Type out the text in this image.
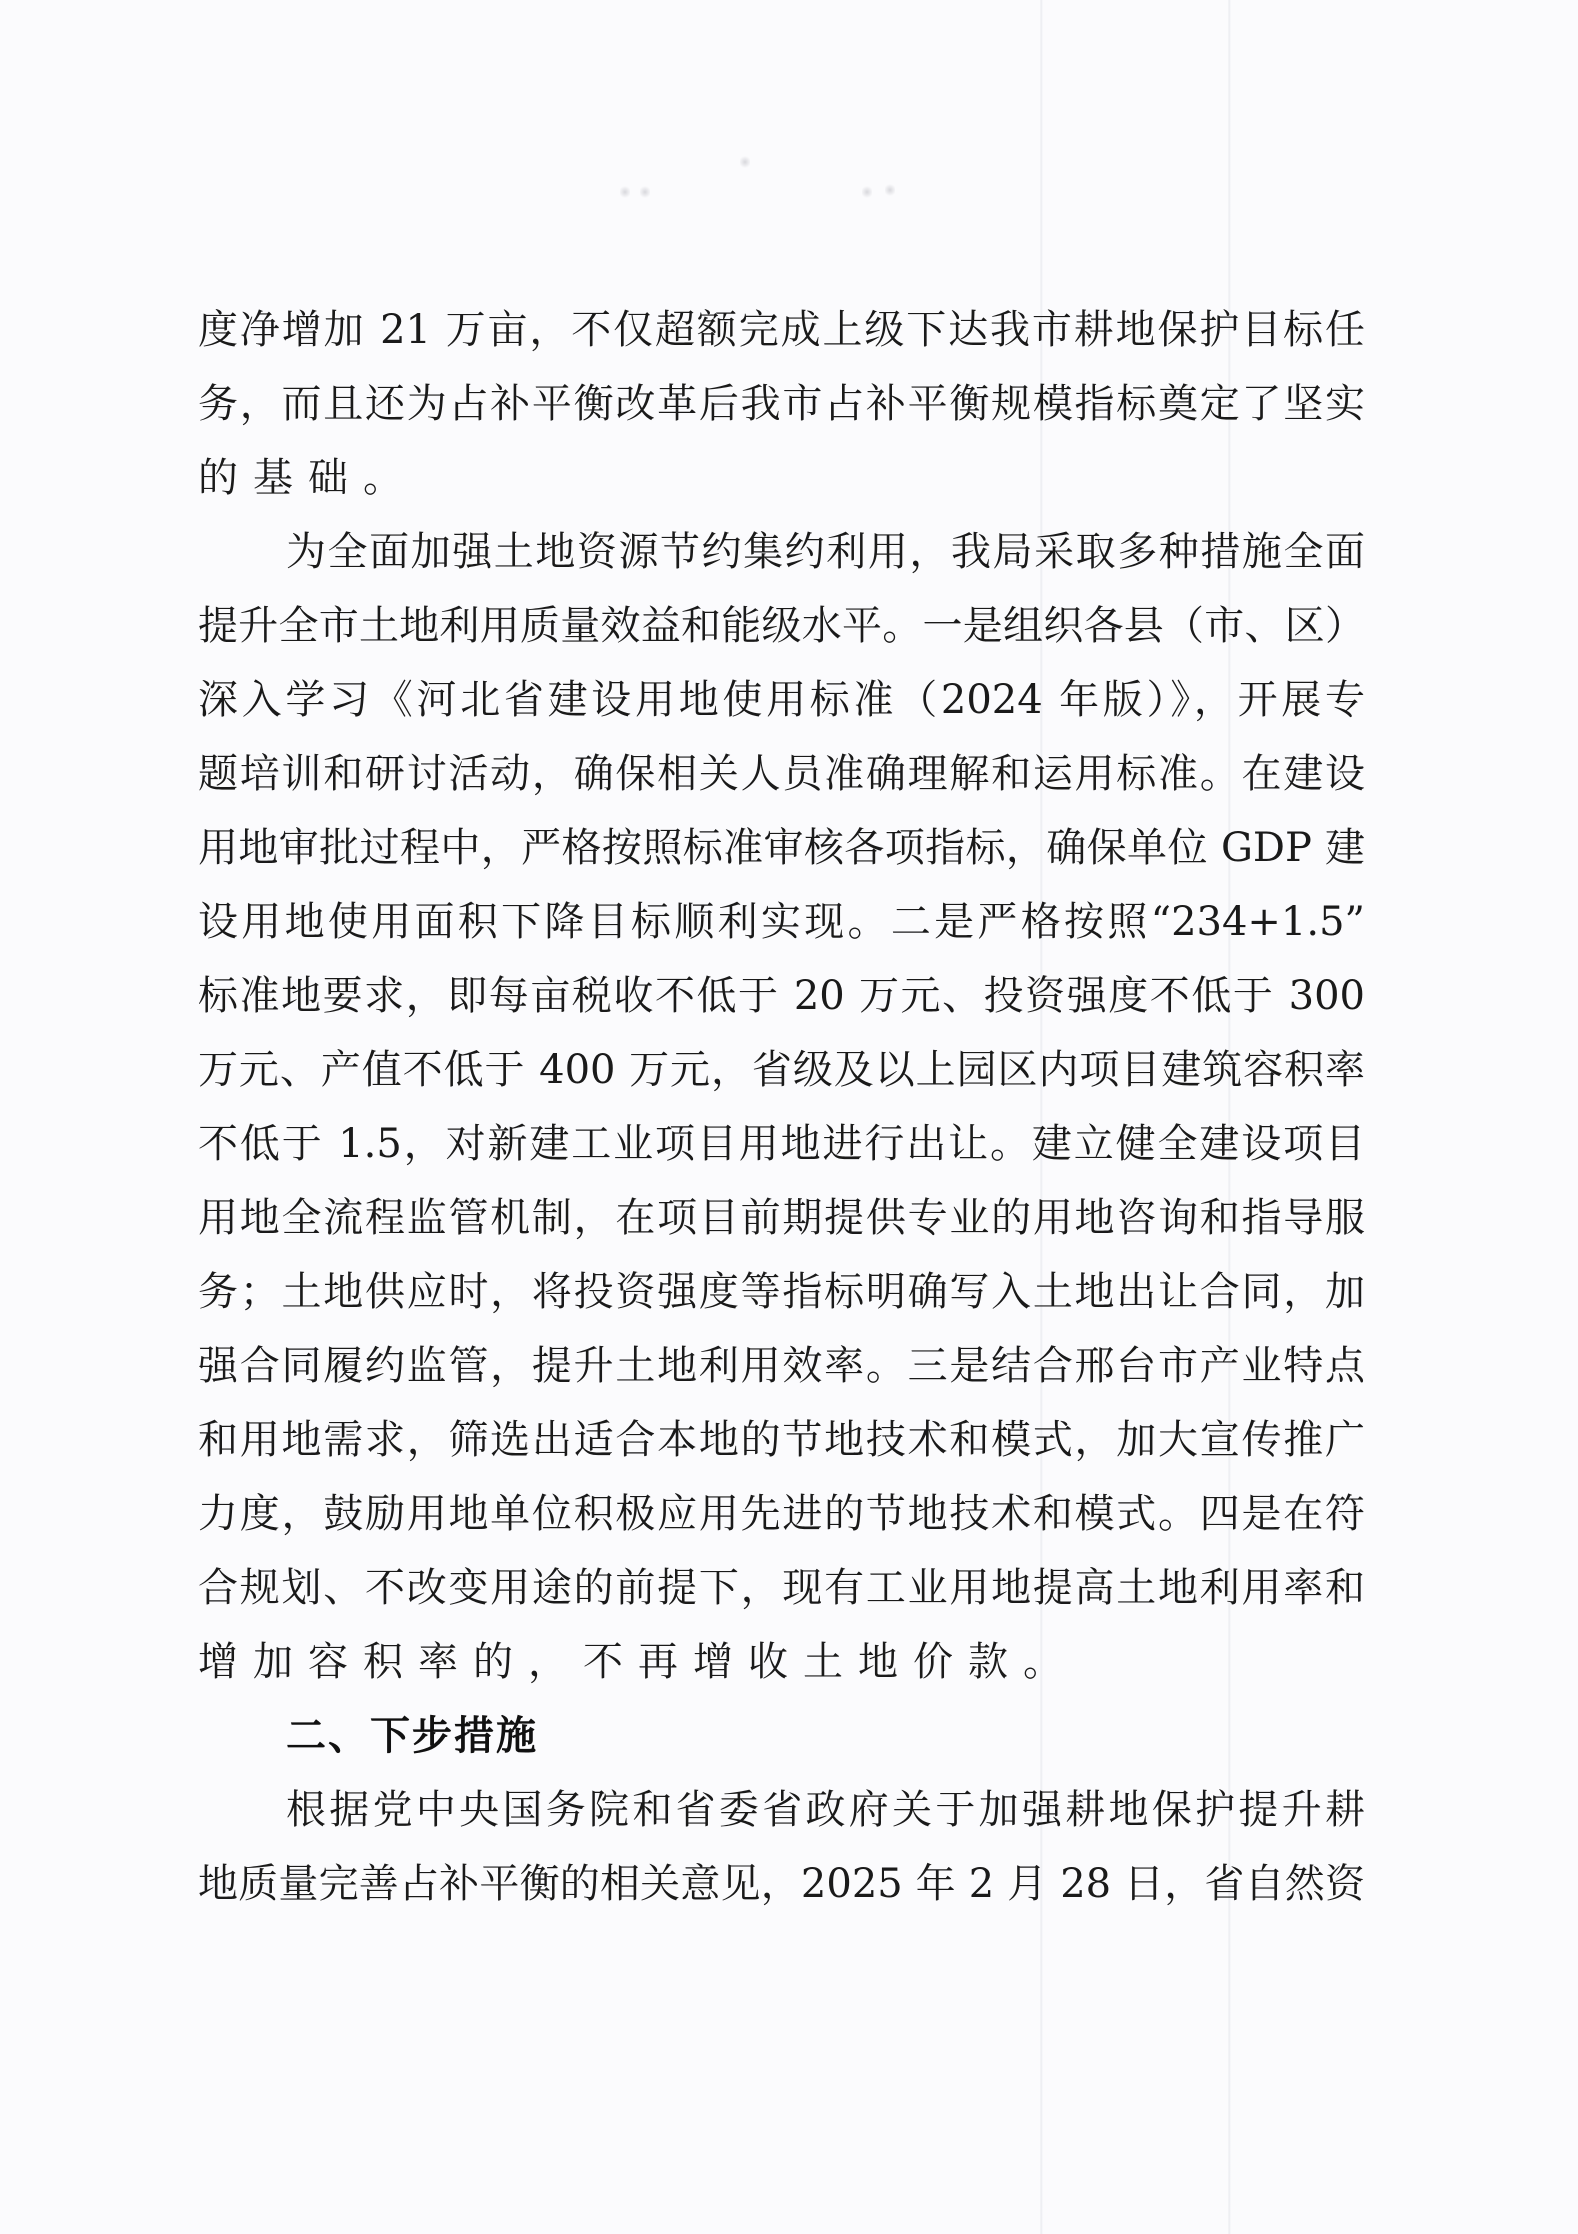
度净增加 21 万亩，不仅超额完成上级下达我市耕地保护目标任
务，而且还为占补平衡改革后我市占补平衡规模指标奠定了坚实
的基础。
为全面加强土地资源节约集约利用，我局采取多种措施全面
提升全市土地利用质量效益和能级水平。一是组织各县（市、区）
深入学习《河北省建设用地使用标准（2024 年版）》，开展专
题培训和研讨活动，确保相关人员准确理解和运用标准。在建设
用地审批过程中，严格按照标准审核各项指标，确保单位 GDP 建
设用地使用面积下降目标顺利实现。二是严格按照“234+1.5”
标准地要求，即每亩税收不低于 20 万元、投资强度不低于 300
万元、产值不低于 400 万元，省级及以上园区内项目建筑容积率
不低于 1.5，对新建工业项目用地进行出让。建立健全建设项目
用地全流程监管机制，在项目前期提供专业的用地咨询和指导服
务；土地供应时，将投资强度等指标明确写入土地出让合同，加
强合同履约监管，提升土地利用效率。三是结合邢台市产业特点
和用地需求，筛选出适合本地的节地技术和模式，加大宣传推广
力度，鼓励用地单位积极应用先进的节地技术和模式。四是在符
合规划、不改变用途的前提下，现有工业用地提高土地利用率和
增加容积率的，不再增收土地价款。
二、下步措施
根据党中央国务院和省委省政府关于加强耕地保护提升耕
地质量完善占补平衡的相关意见，2025 年 2 月 28 日，省自然资
